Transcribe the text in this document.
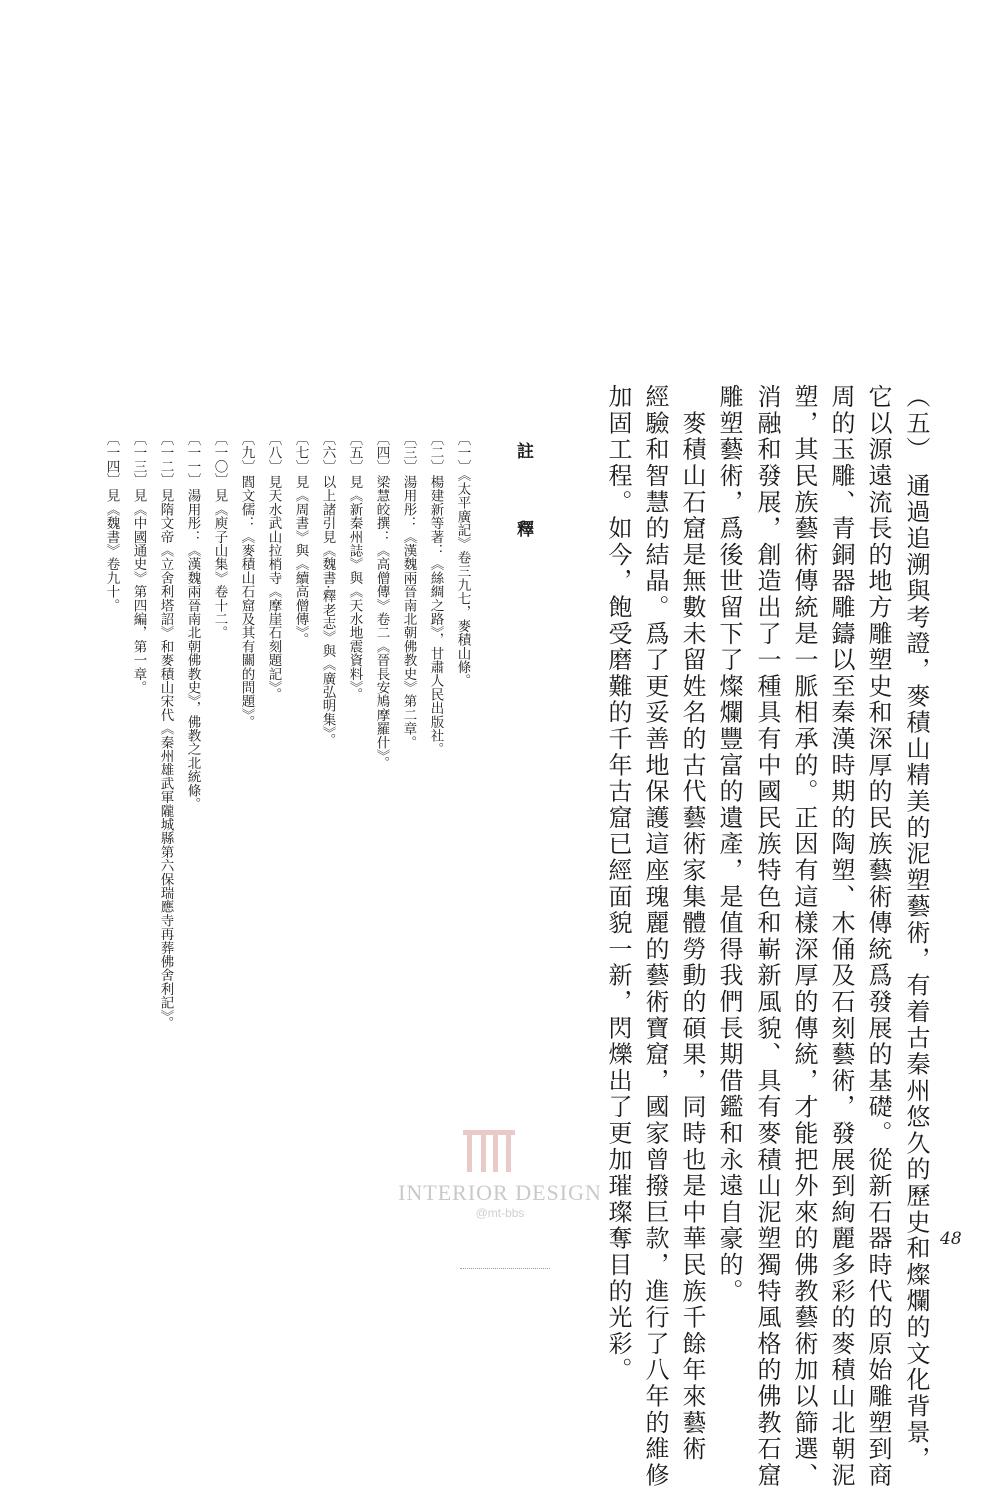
（五） 通過追溯與考證，麥積山精美的泥塑藝術，有着古秦州悠久的歷史和燦爛的文化背景，
它以源遠流長的地方雕塑史和深厚的民族藝術傳統爲發展的基礎。從新石器時代的原始雕塑到商
周的玉雕、青銅器雕鑄以至秦漢時期的陶塑、木俑及石刻藝術，發展到絢麗多彩的麥積山北朝泥
塑，其民族藝術傳統是一脈相承的。正因有這樣深厚的傳統，才能把外來的佛教藝術加以篩選、
消融和發展，創造出了一種具有中國民族特色和嶄新風貌、具有麥積山泥塑獨特風格的佛教石窟
雕塑藝術，爲後世留下了燦爛豐富的遺產，是值得我們長期借鑑和永遠自豪的。
　麥積山石窟是無數未留姓名的古代藝術家集體勞動的碩果，同時也是中華民族千餘年來藝術
經驗和智慧的結晶。爲了更妥善地保護這座瑰麗的藝術寶窟，國家曾撥巨款，進行了八年的維修
加固工程。如今，飽受磨難的千年古窟已經面貌一新，閃爍出了更加璀璨奪目的光彩。
註　釋
〔一〕《太平廣記》卷三九七，麥積山條。
〔二〕楊建新等著：《絲綢之路》，甘肅人民出版社。
〔三〕湯用彤：《漢魏兩晉南北朝佛教史》第二章。
〔四〕梁慧皎撰：《高僧傳》卷二《晉長安鳩摩羅什》。
〔五〕見《新秦州誌》與《天水地震資料》。
〔六〕以上諸引見《魏書·釋老志》與《廣弘明集》。
〔七〕見《周書》與《續高僧傳》。
〔八〕見天水武山拉梢寺《摩崖石刻題記》。
〔九〕閻文儒：《麥積山石窟及其有關的問題》。
〔一〇〕見《庾子山集》卷十二。
〔一一〕湯用彤：《漢魏兩晉南北朝佛教史》，佛教之北統條。
〔一二〕見隋文帝《立舍利塔詔》和麥積山宋代《秦州雄武軍隴城縣第六保瑞應寺再葬佛舍利記》。
〔一三〕見《中國通史》第四編，第一章。
〔一四〕見《魏書》卷九十。
INTERIOR DESIGN
@mt-bbs
48
